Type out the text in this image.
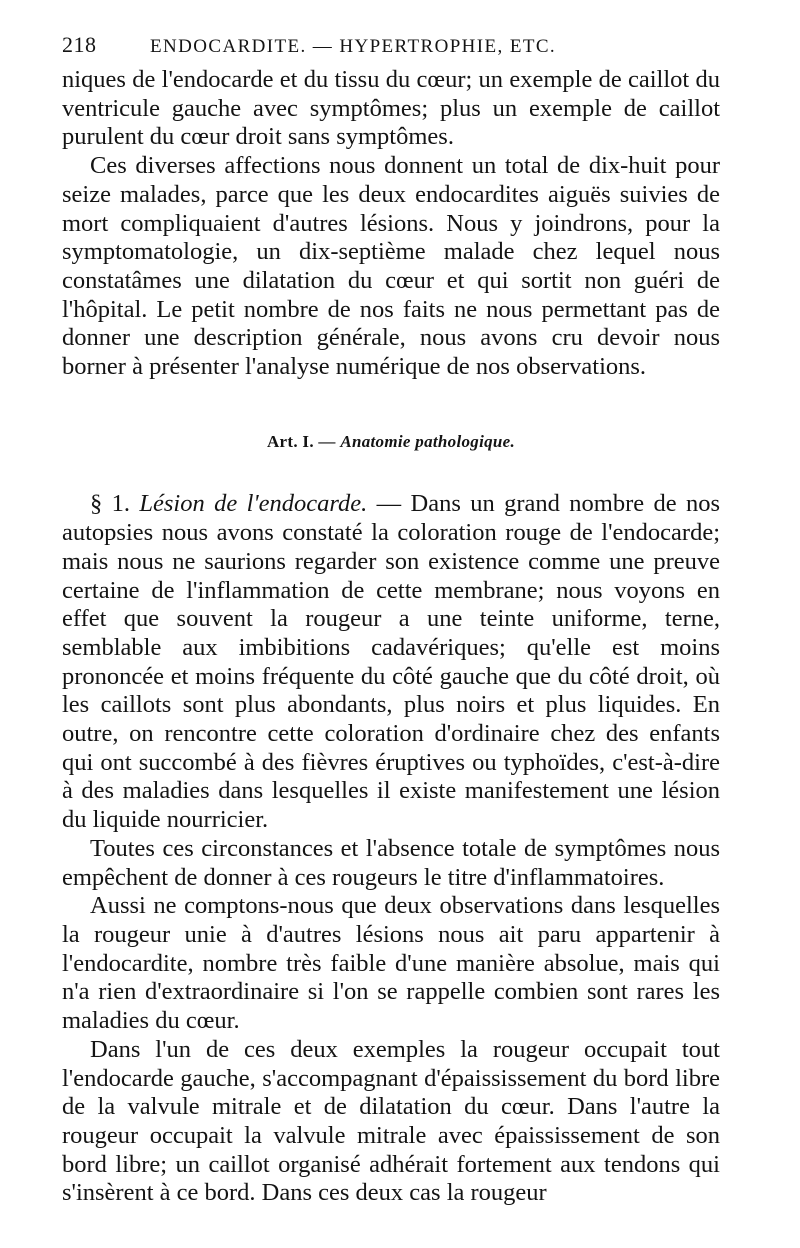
218	ENDOCARDITE. — HYPERTROPHIE, ETC.

niques de l'endocarde et du tissu du cœur; un exemple de caillot du ventricule gauche avec symptômes; plus un exemple de caillot purulent du cœur droit sans symptômes.

Ces diverses affections nous donnent un total de dix-huit pour seize malades, parce que les deux endocardites aiguës suivies de mort compliquaient d'autres lésions. Nous y joindrons, pour la symptomatologie, un dix-septième malade chez lequel nous constatâmes une dilatation du cœur et qui sortit non guéri de l'hôpital. Le petit nombre de nos faits ne nous permettant pas de donner une description générale, nous avons cru devoir nous borner à présenter l'analyse numérique de nos observations.

Art. I. — Anatomie pathologique.

§ 1. Lésion de l'endocarde. — Dans un grand nombre de nos autopsies nous avons constaté la coloration rouge de l'endocarde; mais nous ne saurions regarder son existence comme une preuve certaine de l'inflammation de cette membrane; nous voyons en effet que souvent la rougeur a une teinte uniforme, terne, semblable aux imbibitions cadavériques; qu'elle est moins prononcée et moins fréquente du côté gauche que du côté droit, où les caillots sont plus abondants, plus noirs et plus liquides. En outre, on rencontre cette coloration d'ordinaire chez des enfants qui ont succombé à des fièvres éruptives ou typhoïdes, c'est-à-dire à des maladies dans lesquelles il existe manifestement une lésion du liquide nourricier.

Toutes ces circonstances et l'absence totale de symptômes nous empêchent de donner à ces rougeurs le titre d'inflammatoires.

Aussi ne comptons-nous que deux observations dans lesquelles la rougeur unie à d'autres lésions nous ait paru appartenir à l'endocardite, nombre très faible d'une manière absolue, mais qui n'a rien d'extraordinaire si l'on se rappelle combien sont rares les maladies du cœur.

Dans l'un de ces deux exemples la rougeur occupait tout l'endocarde gauche, s'accompagnant d'épaississement du bord libre de la valvule mitrale et de dilatation du cœur. Dans l'autre la rougeur occupait la valvule mitrale avec épaississement de son bord libre; un caillot organisé adhérait fortement aux tendons qui s'insèrent à ce bord. Dans ces deux cas la rougeur
